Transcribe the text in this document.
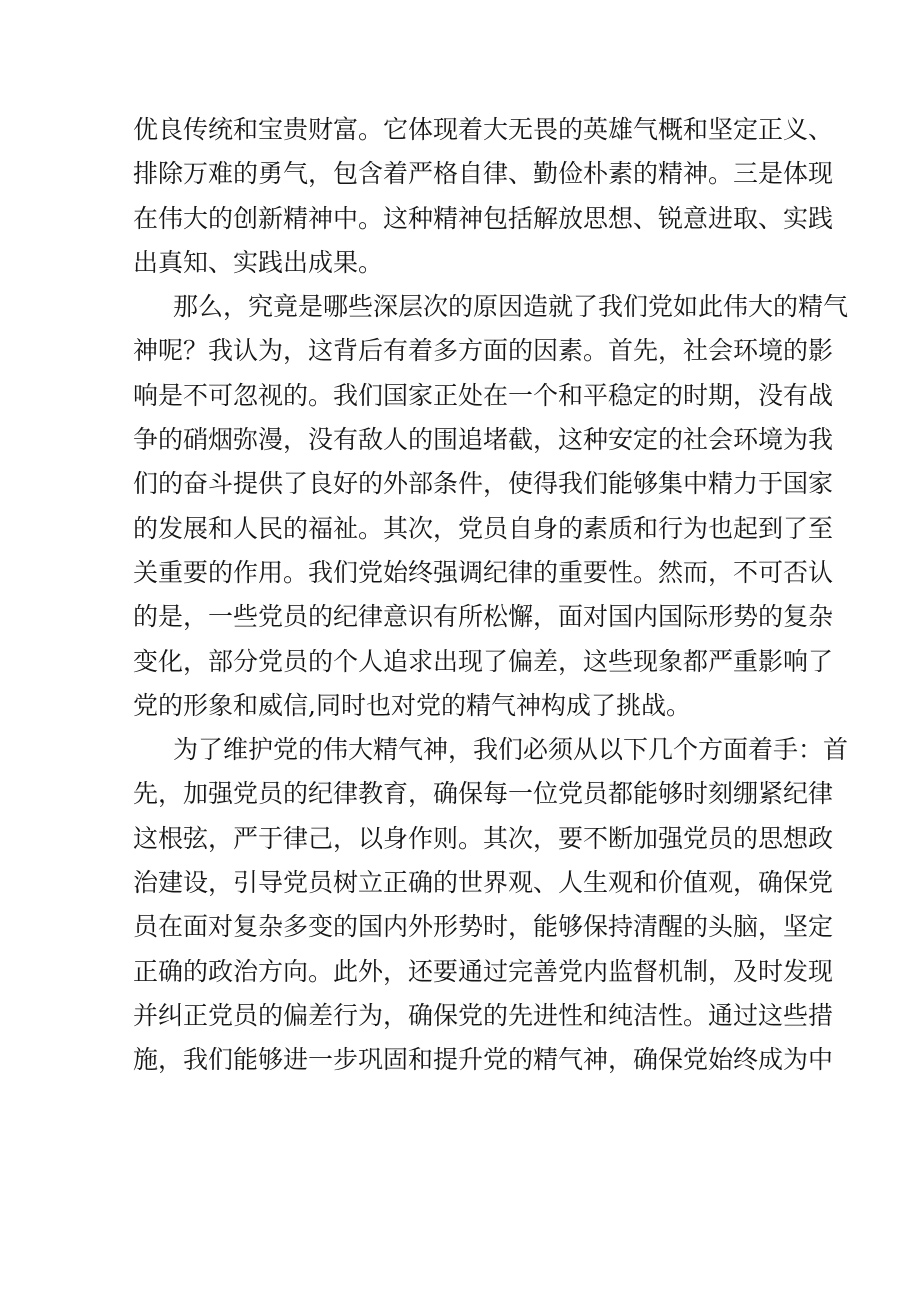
优良传统和宝贵财富。它体现着大无畏的英雄气概和坚定正义、
排除万难的勇气，包含着严格自律、勤俭朴素的精神。三是体现
在伟大的创新精神中。这种精神包括解放思想、锐意进取、实践
出真知、实践出成果。
那么，究竟是哪些深层次的原因造就了我们党如此伟大的精气
神呢？我认为，这背后有着多方面的因素。首先，社会环境的影
响是不可忽视的。我们国家正处在一个和平稳定的时期，没有战
争的硝烟弥漫，没有敌人的围追堵截，这种安定的社会环境为我
们的奋斗提供了良好的外部条件，使得我们能够集中精力于国家
的发展和人民的福祉。其次，党员自身的素质和行为也起到了至
关重要的作用。我们党始终强调纪律的重要性。然而，不可否认
的是，一些党员的纪律意识有所松懈，面对国内国际形势的复杂
变化，部分党员的个人追求出现了偏差，这些现象都严重影响了
党的形象和威信,同时也对党的精气神构成了挑战。
为了维护党的伟大精气神，我们必须从以下几个方面着手：首
先，加强党员的纪律教育，确保每一位党员都能够时刻绷紧纪律
这根弦，严于律己，以身作则。其次，要不断加强党员的思想政
治建设，引导党员树立正确的世界观、人生观和价值观，确保党
员在面对复杂多变的国内外形势时，能够保持清醒的头脑，坚定
正确的政治方向。此外，还要通过完善党内监督机制，及时发现
并纠正党员的偏差行为，确保党的先进性和纯洁性。通过这些措
施，我们能够进一步巩固和提升党的精气神，确保党始终成为中
